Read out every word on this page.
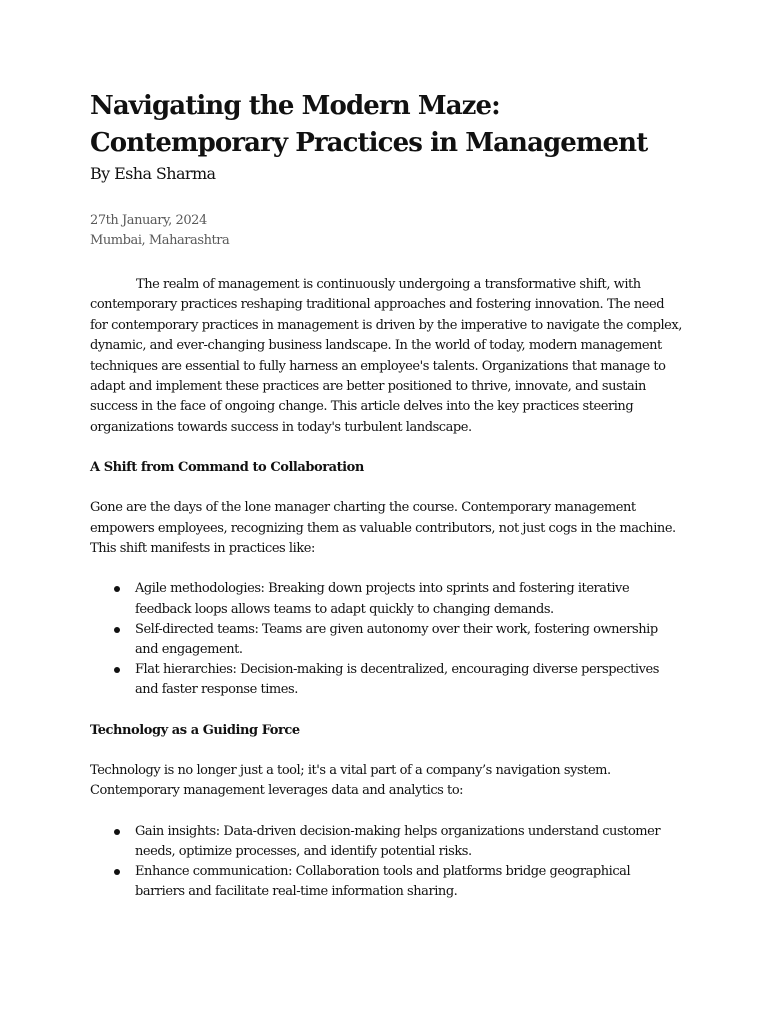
Navigating the Modern Maze:
Contemporary Practices in Management

By Esha Sharma

27th January, 2024
Mumbai, Maharashtra

The realm of management is continuously undergoing a transformative shift, with contemporary practices reshaping traditional approaches and fostering innovation. The need for contemporary practices in management is driven by the imperative to navigate the complex, dynamic, and ever-changing business landscape. In the world of today, modern management techniques are essential to fully harness an employee's talents. Organizations that manage to adapt and implement these practices are better positioned to thrive, innovate, and sustain success in the face of ongoing change. This article delves into the key practices steering organizations towards success in today's turbulent landscape.

A Shift from Command to Collaboration

Gone are the days of the lone manager charting the course. Contemporary management empowers employees, recognizing them as valuable contributors, not just cogs in the machine. This shift manifests in practices like:

Agile methodologies: Breaking down projects into sprints and fostering iterative feedback loops allows teams to adapt quickly to changing demands.
Self-directed teams: Teams are given autonomy over their work, fostering ownership and engagement.
Flat hierarchies: Decision-making is decentralized, encouraging diverse perspectives and faster response times.
Technology as a Guiding Force

Technology is no longer just a tool; it's a vital part of a company’s navigation system. Contemporary management leverages data and analytics to:

Gain insights: Data-driven decision-making helps organizations understand customer needs, optimize processes, and identify potential risks.
Enhance communication: Collaboration tools and platforms bridge geographical barriers and facilitate real-time information sharing.
